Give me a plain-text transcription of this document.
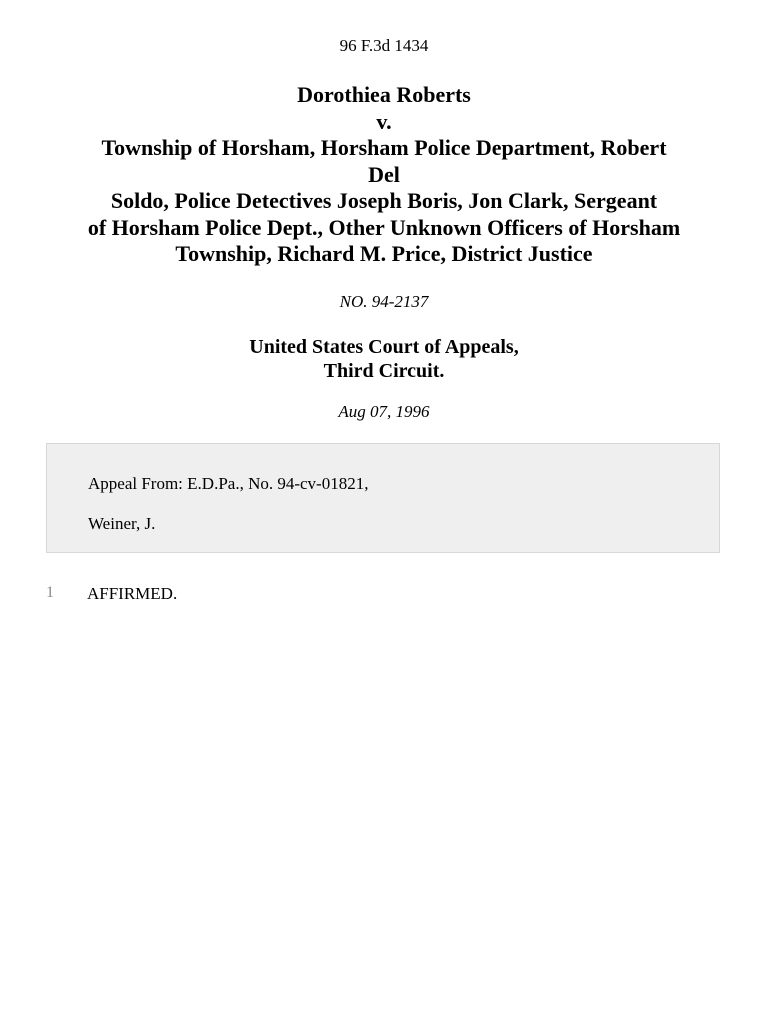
96 F.3d 1434
Dorothiea Roberts
v.
Township of Horsham, Horsham Police Department, Robert
Del
Soldo, Police Detectives Joseph Boris, Jon Clark, Sergeant
of Horsham Police Dept., Other Unknown Officers of Horsham
Township, Richard M. Price, District Justice
NO. 94-2137
United States Court of Appeals,
Third Circuit.
Aug 07, 1996
Appeal From: E.D.Pa., No. 94-cv-01821,
Weiner, J.
1 AFFIRMED.
